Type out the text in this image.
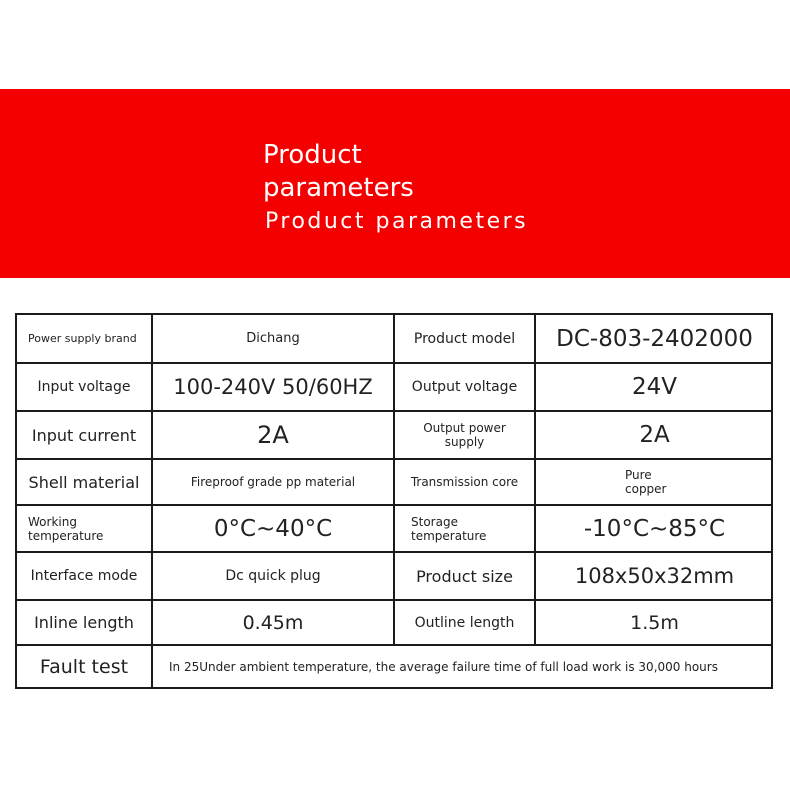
Product
parameters
Product parameters
Power supply brand	Dichang	Product model	DC-803-2402000
Input voltage	100-240V 50/60HZ	Output voltage	24V
Input current	2A	Output power supply	2A
Shell material	Fireproof grade pp material	Transmission core	Pure copper
Working temperature	0°C~40°C	Storage temperature	-10°C~85°C
Interface mode	Dc quick plug	Product size	108x50x32mm
Inline length	0.45m	Outline length	1.5m
Fault test	In 25Under ambient temperature, the average failure time of full load work is 30,000 hours
